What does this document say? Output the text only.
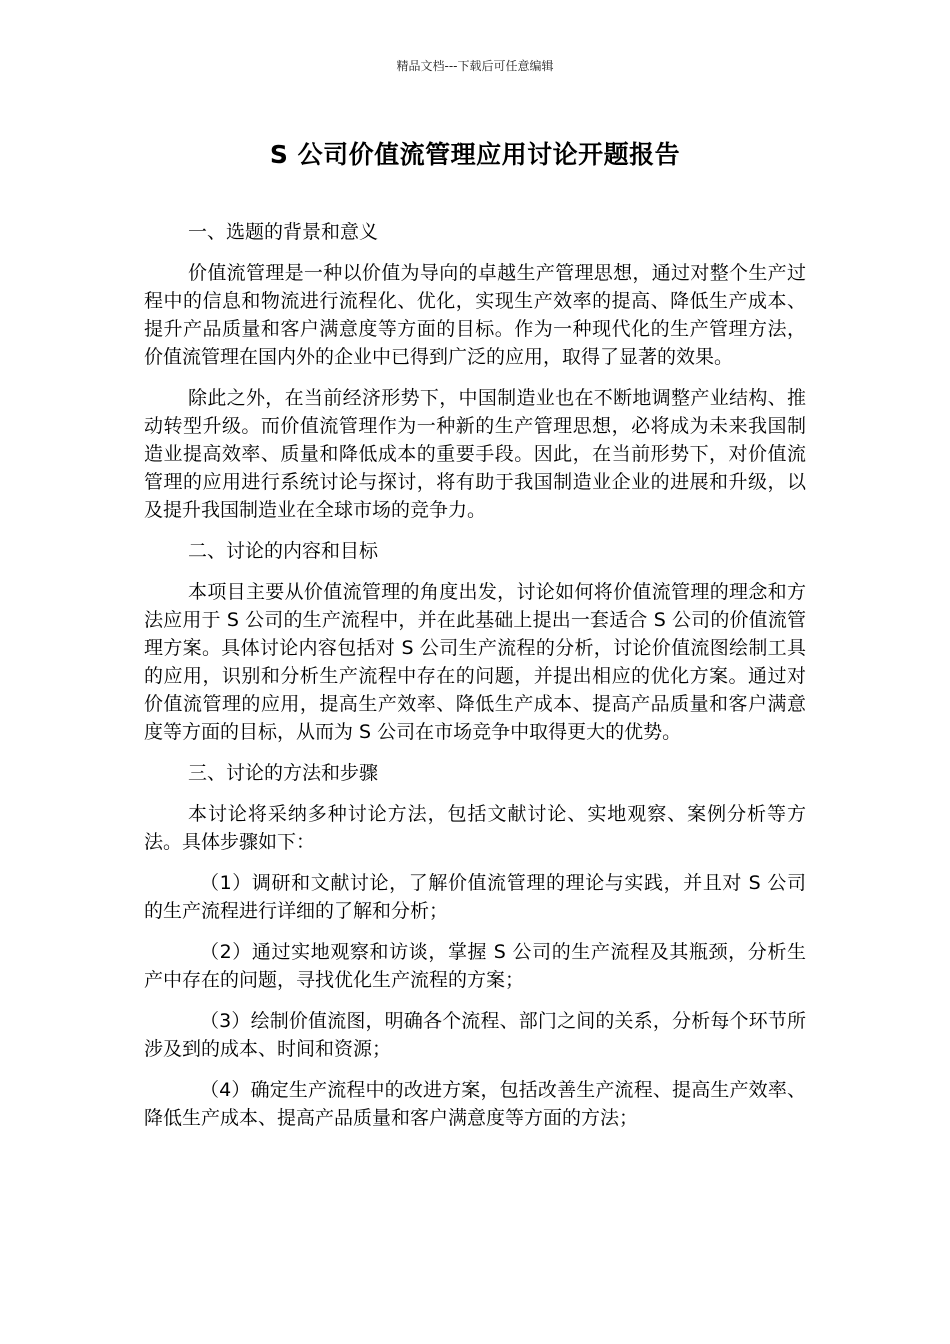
精品文档---下载后可任意编辑
S 公司价值流管理应用讨论开题报告

一、选题的背景和意义

价值流管理是一种以价值为导向的卓越生产管理思想，通过对整个生产过程中的信息和物流进行流程化、优化，实现生产效率的提高、降低生产成本、提升产品质量和客户满意度等方面的目标。作为一种现代化的生产管理方法，价值流管理在国内外的企业中已得到广泛的应用，取得了显著的效果。

除此之外，在当前经济形势下，中国制造业也在不断地调整产业结构、推动转型升级。而价值流管理作为一种新的生产管理思想，必将成为未来我国制造业提高效率、质量和降低成本的重要手段。因此，在当前形势下，对价值流管理的应用进行系统讨论与探讨，将有助于我国制造业企业的进展和升级，以及提升我国制造业在全球市场的竞争力。

二、讨论的内容和目标

本项目主要从价值流管理的角度出发，讨论如何将价值流管理的理念和方法应用于 S 公司的生产流程中，并在此基础上提出一套适合 S 公司的价值流管理方案。具体讨论内容包括对 S 公司生产流程的分析，讨论价值流图绘制工具的应用，识别和分析生产流程中存在的问题，并提出相应的优化方案。通过对价值流管理的应用，提高生产效率、降低生产成本、提高产品质量和客户满意度等方面的目标，从而为 S 公司在市场竞争中取得更大的优势。

三、讨论的方法和步骤

本讨论将采纳多种讨论方法，包括文献讨论、实地观察、案例分析等方法。具体步骤如下：

（1）调研和文献讨论，了解价值流管理的理论与实践，并且对 S 公司的生产流程进行详细的了解和分析；

（2）通过实地观察和访谈，掌握 S 公司的生产流程及其瓶颈，分析生产中存在的问题，寻找优化生产流程的方案；

（3）绘制价值流图，明确各个流程、部门之间的关系，分析每个环节所涉及到的成本、时间和资源；

（4）确定生产流程中的改进方案，包括改善生产流程、提高生产效率、降低生产成本、提高产品质量和客户满意度等方面的方法；
